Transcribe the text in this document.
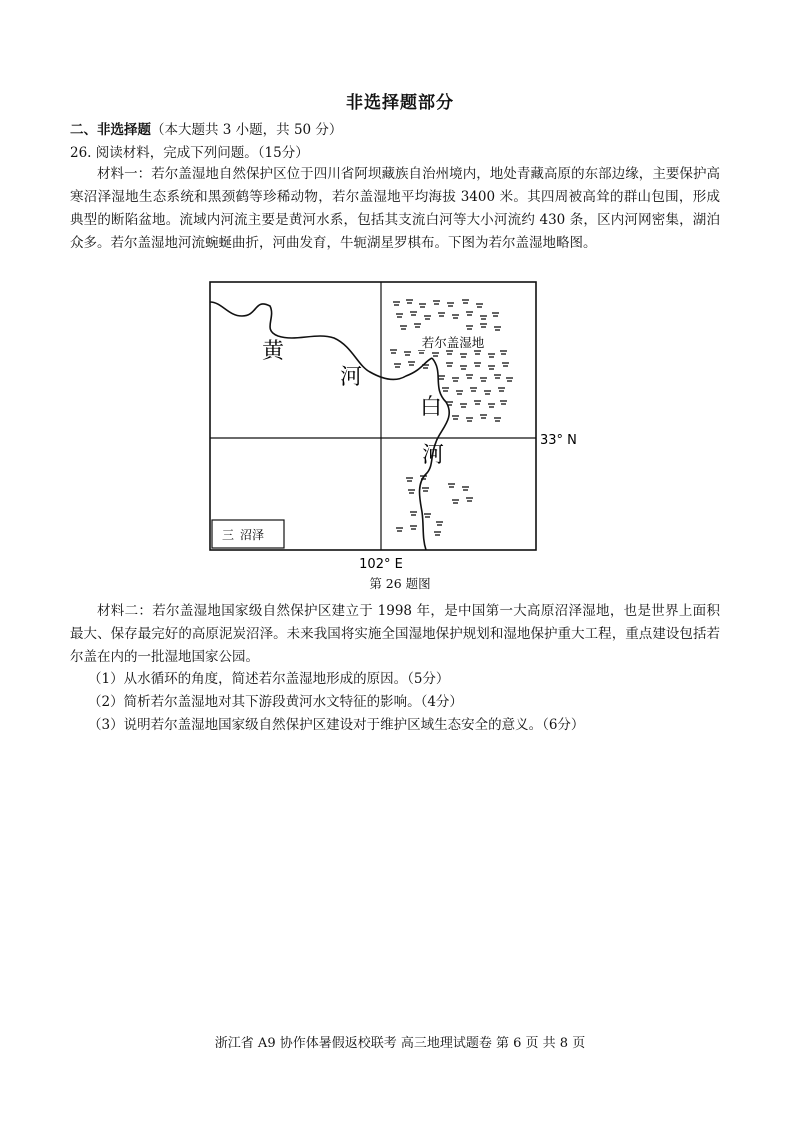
非选择题部分
二、非选择题（本大题共 3 小题，共 50 分）
26. 阅读材料，完成下列问题。（15分）
材料一：若尔盖湿地自然保护区位于四川省阿坝藏族自治州境内，地处青藏高原的东部边缘，主要保护高寒沼泽湿地生态系统和黑颈鹤等珍稀动物，若尔盖湿地平均海拔 3400 米。其四周被高耸的群山包围，形成典型的断陷盆地。流域内河流主要是黄河水系，包括其支流白河等大小河流约 430 条，区内河网密集，湖泊众多。若尔盖湿地河流蜿蜒曲折，河曲发育，牛轭湖星罗棋布。下图为若尔盖湿地略图。
若尔盖湿地
黄
河
白
河
33° N
102° E
三 沼泽
第 26 题图
材料二：若尔盖湿地国家级自然保护区建立于 1998 年，是中国第一大高原沼泽湿地，也是世界上面积最大、保存最完好的高原泥炭沼泽。未来我国将实施全国湿地保护规划和湿地保护重大工程，重点建设包括若尔盖在内的一批湿地国家公园。
（1）从水循环的角度，简述若尔盖湿地形成的原因。（5分）
（2）简析若尔盖湿地对其下游段黄河水文特征的影响。（4分）
（3）说明若尔盖湿地国家级自然保护区建设对于维护区域生态安全的意义。（6分）
浙江省 A9 协作体暑假返校联考 高三地理试题卷 第 6 页 共 8 页
